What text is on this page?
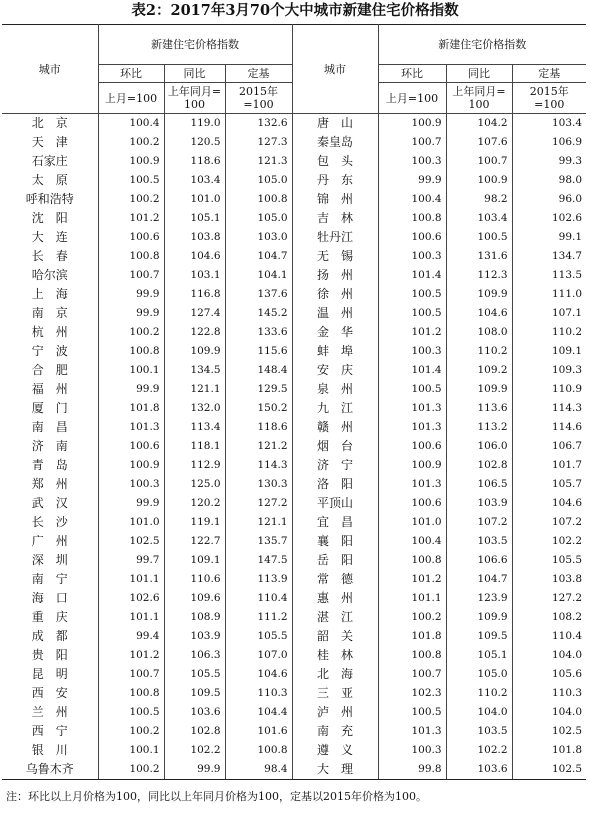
表2：2017年3月70个大中城市新建住宅价格指数
城市	新建住宅价格指数			城市	新建住宅价格指数		
	环比	同比	定基		环比	同比	定基
	上月=100	上年同月=
100	2015年
=100		上月=100	上年同月=
100	2015年
=100
北　京	100.4	119.0	132.6	唐　山	100.9	104.2	103.4
天　津	100.2	120.5	127.3	秦皇岛	100.7	107.6	106.9
石家庄	100.9	118.6	121.3	包　头	100.3	100.7	99.3
太　原	100.5	103.4	105.0	丹　东	99.9	100.9	98.0
呼和浩特	100.2	101.0	100.8	锦　州	100.4	98.2	96.0
沈　阳	101.2	105.1	105.0	吉　林	100.8	103.4	102.6
大　连	100.6	103.8	103.0	牡丹江	100.6	100.5	99.1
长　春	100.8	104.6	104.7	无　锡	100.3	131.6	134.7
哈尔滨	100.7	103.1	104.1	扬　州	101.4	112.3	113.5
上　海	99.9	116.8	137.6	徐　州	100.5	109.9	111.0
南　京	99.9	127.4	145.2	温　州	100.5	104.6	107.1
杭　州	100.2	122.8	133.6	金　华	101.2	108.0	110.2
宁　波	100.8	109.9	115.6	蚌　埠	100.3	110.2	109.1
合　肥	100.1	134.5	148.4	安　庆	101.4	109.2	109.3
福　州	99.9	121.1	129.5	泉　州	100.5	109.9	110.9
厦　门	101.8	132.0	150.2	九　江	101.3	113.6	114.3
南　昌	101.3	113.4	118.6	赣　州	101.3	113.2	114.6
济　南	100.6	118.1	121.2	烟　台	100.6	106.0	106.7
青　岛	100.9	112.9	114.3	济　宁	100.9	102.8	101.7
郑　州	100.3	125.0	130.3	洛　阳	101.3	106.5	105.7
武　汉	99.9	120.2	127.2	平顶山	100.6	103.9	104.6
长　沙	101.0	119.1	121.1	宜　昌	101.0	107.2	107.2
广　州	102.5	122.7	135.7	襄　阳	100.4	103.5	102.2
深　圳	99.7	109.1	147.5	岳　阳	100.8	106.6	105.5
南　宁	101.1	110.6	113.9	常　德	101.2	104.7	103.8
海　口	102.6	109.6	110.4	惠　州	101.1	123.9	127.2
重　庆	101.1	108.9	111.2	湛　江	100.2	109.9	108.2
成　都	99.4	103.9	105.5	韶　关	101.8	109.5	110.4
贵　阳	101.2	106.3	107.0	桂　林	100.8	105.1	104.0
昆　明	100.7	105.5	104.6	北　海	100.7	105.0	105.6
西　安	100.8	109.5	110.3	三　亚	102.3	110.2	110.3
兰　州	100.5	103.6	104.4	泸　州	100.5	104.0	104.0
西　宁	100.2	102.8	101.6	南　充	101.3	103.5	102.5
银　川	100.1	102.2	100.8	遵　义	100.3	102.2	101.8
乌鲁木齐	100.2	99.9	98.4	大　理	99.8	103.6	102.5
注：环比以上月价格为100，同比以上年同月价格为100，定基以2015年价格为100。
